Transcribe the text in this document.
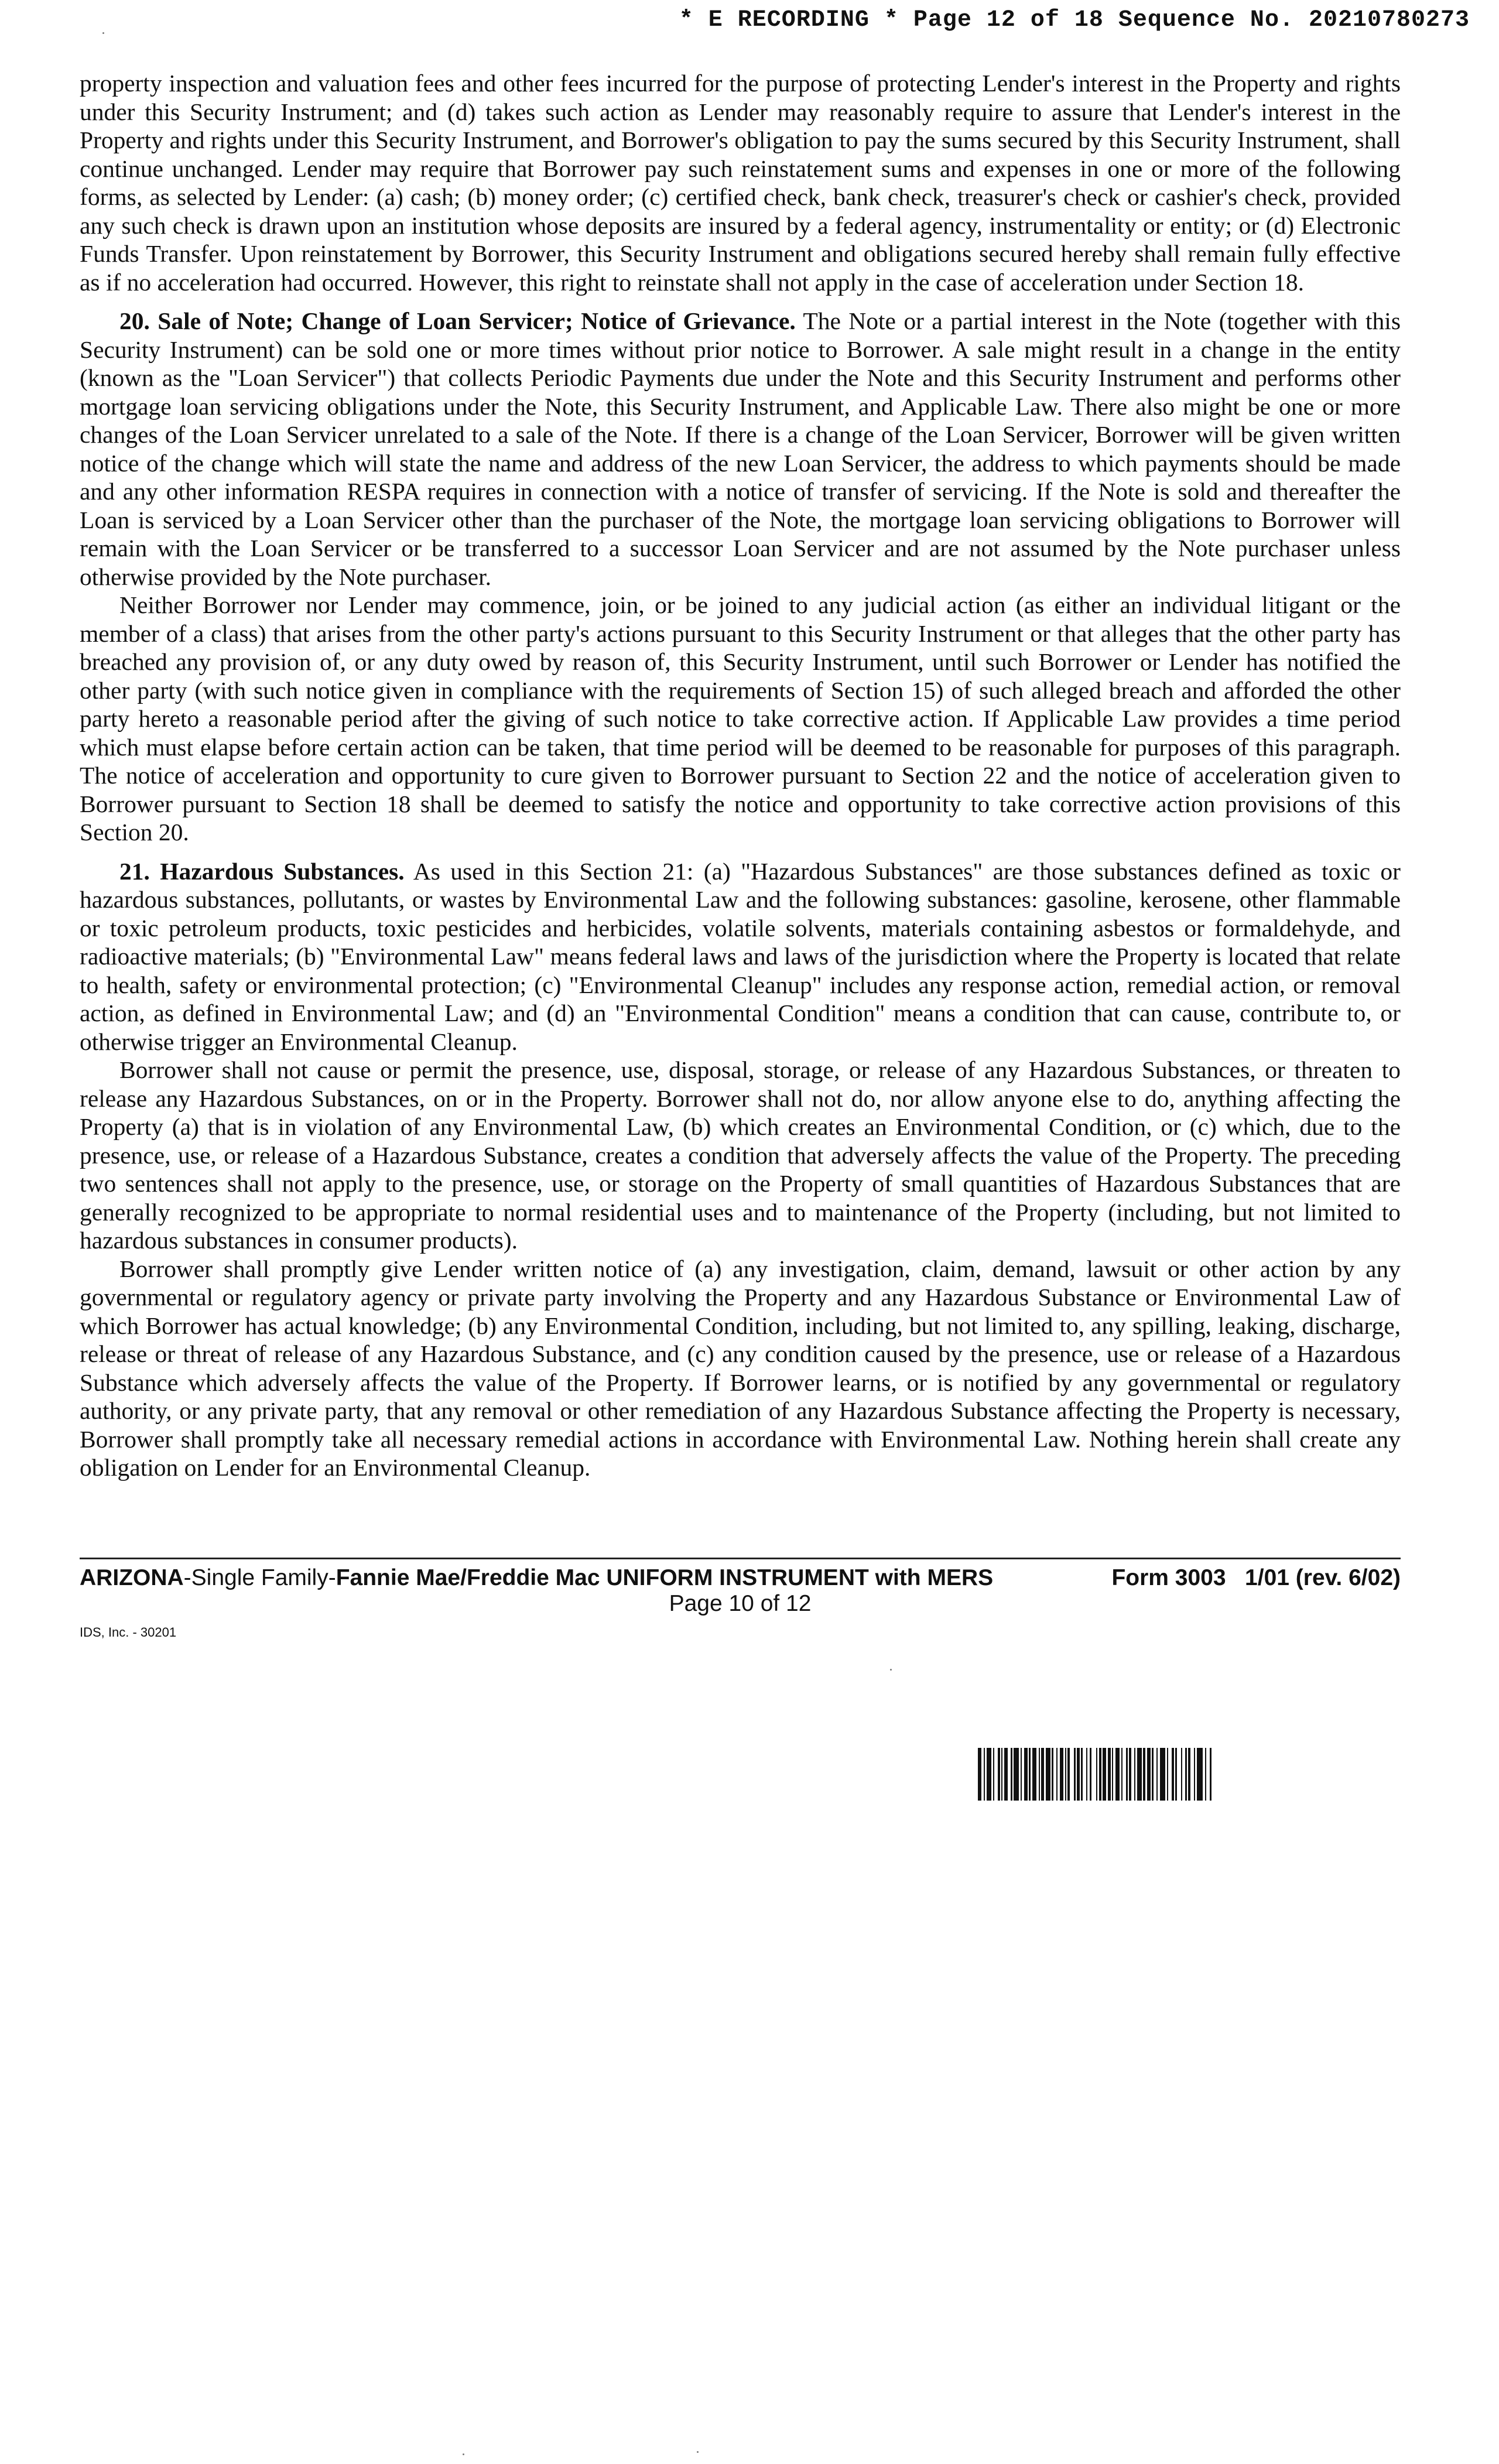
* E RECORDING * Page 12 of 18 Sequence No. 20210780273

property inspection and valuation fees and other fees incurred for the purpose of protecting Lender's interest in the Property and rights under this Security Instrument; and (d) takes such action as Lender may reasonably require to assure that Lender's interest in the Property and rights under this Security Instrument, and Borrower's obligation to pay the sums secured by this Security Instrument, shall continue unchanged. Lender may require that Borrower pay such reinstatement sums and expenses in one or more of the following forms, as selected by Lender: (a) cash; (b) money order; (c) certified check, bank check, treasurer's check or cashier's check, provided any such check is drawn upon an institution whose deposits are insured by a federal agency, instrumentality or entity; or (d) Electronic Funds Transfer. Upon reinstatement by Borrower, this Security Instrument and obligations secured hereby shall remain fully effective as if no acceleration had occurred. However, this right to reinstate shall not apply in the case of acceleration under Section 18.

20. Sale of Note; Change of Loan Servicer; Notice of Grievance. The Note or a partial interest in the Note (together with this Security Instrument) can be sold one or more times without prior notice to Borrower. A sale might result in a change in the entity (known as the "Loan Servicer") that collects Periodic Payments due under the Note and this Security Instrument and performs other mortgage loan servicing obligations under the Note, this Security Instrument, and Applicable Law. There also might be one or more changes of the Loan Servicer unrelated to a sale of the Note. If there is a change of the Loan Servicer, Borrower will be given written notice of the change which will state the name and address of the new Loan Servicer, the address to which payments should be made and any other information RESPA requires in connection with a notice of transfer of servicing. If the Note is sold and thereafter the Loan is serviced by a Loan Servicer other than the purchaser of the Note, the mortgage loan servicing obligations to Borrower will remain with the Loan Servicer or be transferred to a successor Loan Servicer and are not assumed by the Note purchaser unless otherwise provided by the Note purchaser.

Neither Borrower nor Lender may commence, join, or be joined to any judicial action (as either an individual litigant or the member of a class) that arises from the other party's actions pursuant to this Security Instrument or that alleges that the other party has breached any provision of, or any duty owed by reason of, this Security Instrument, until such Borrower or Lender has notified the other party (with such notice given in compliance with the requirements of Section 15) of such alleged breach and afforded the other party hereto a reasonable period after the giving of such notice to take corrective action. If Applicable Law provides a time period which must elapse before certain action can be taken, that time period will be deemed to be reasonable for purposes of this paragraph. The notice of acceleration and opportunity to cure given to Borrower pursuant to Section 22 and the notice of acceleration given to Borrower pursuant to Section 18 shall be deemed to satisfy the notice and opportunity to take corrective action provisions of this Section 20.

21. Hazardous Substances. As used in this Section 21: (a) "Hazardous Substances" are those substances defined as toxic or hazardous substances, pollutants, or wastes by Environmental Law and the following substances: gasoline, kerosene, other flammable or toxic petroleum products, toxic pesticides and herbicides, volatile solvents, materials containing asbestos or formaldehyde, and radioactive materials; (b) "Environmental Law" means federal laws and laws of the jurisdiction where the Property is located that relate to health, safety or environmental protection; (c) "Environmental Cleanup" includes any response action, remedial action, or removal action, as defined in Environmental Law; and (d) an "Environmental Condition" means a condition that can cause, contribute to, or otherwise trigger an Environmental Cleanup.

Borrower shall not cause or permit the presence, use, disposal, storage, or release of any Hazardous Substances, or threaten to release any Hazardous Substances, on or in the Property. Borrower shall not do, nor allow anyone else to do, anything affecting the Property (a) that is in violation of any Environmental Law, (b) which creates an Environmental Condition, or (c) which, due to the presence, use, or release of a Hazardous Substance, creates a condition that adversely affects the value of the Property. The preceding two sentences shall not apply to the presence, use, or storage on the Property of small quantities of Hazardous Substances that are generally recognized to be appropriate to normal residential uses and to maintenance of the Property (including, but not limited to hazardous substances in consumer products).

Borrower shall promptly give Lender written notice of (a) any investigation, claim, demand, lawsuit or other action by any governmental or regulatory agency or private party involving the Property and any Hazardous Substance or Environmental Law of which Borrower has actual knowledge; (b) any Environmental Condition, including, but not limited to, any spilling, leaking, discharge, release or threat of release of any Hazardous Substance, and (c) any condition caused by the presence, use or release of a Hazardous Substance which adversely affects the value of the Property. If Borrower learns, or is notified by any governmental or regulatory authority, or any private party, that any removal or other remediation of any Hazardous Substance affecting the Property is necessary, Borrower shall promptly take all necessary remedial actions in accordance with Environmental Law. Nothing herein shall create any obligation on Lender for an Environmental Cleanup.

ARIZONA-Single Family-Fannie Mae/Freddie Mac UNIFORM INSTRUMENT with MERS	Form 3003   1/01 (rev. 6/02)
Page 10 of 12
IDS, Inc. - 30201
